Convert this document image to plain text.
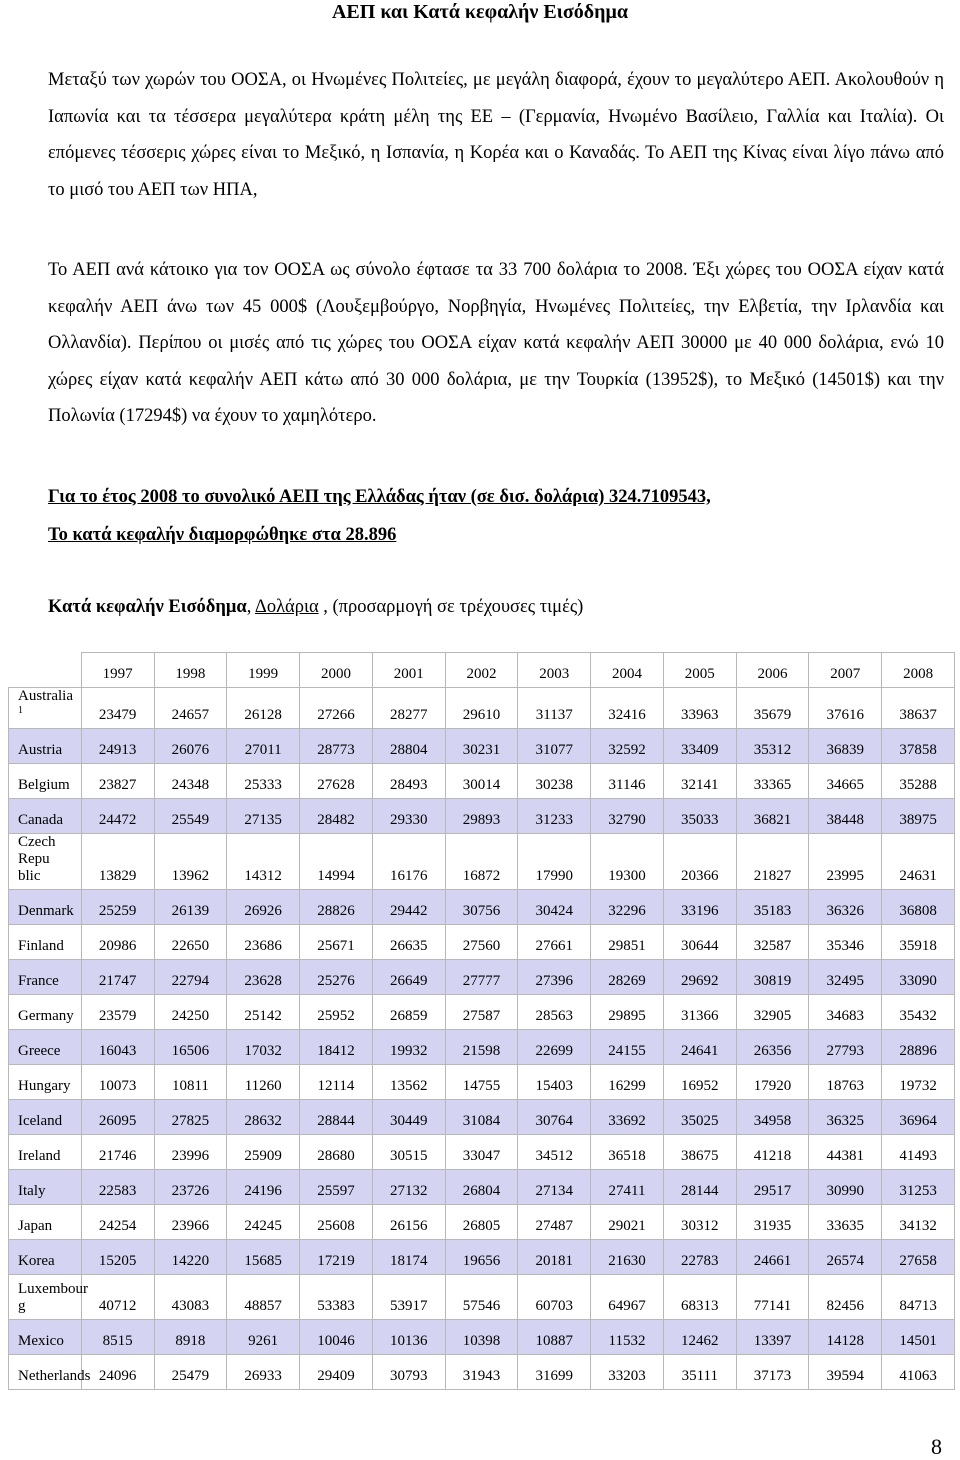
ΑΕΠ και Κατά κεφαλήν Εισόδημα
Μεταξύ των χωρών του ΟΟΣΑ, οι Ηνωμένες Πολιτείες, με μεγάλη διαφορά, έχουν το μεγαλύτερο ΑΕΠ. Ακολουθούν η Ιαπωνία και τα τέσσερα μεγαλύτερα κράτη μέλη της ΕΕ – (Γερμανία, Ηνωμένο Βασίλειο, Γαλλία και Ιταλία). Οι επόμενες τέσσερις χώρες είναι το Μεξικό, η Ισπανία, η Κορέα και ο Καναδάς. Το ΑΕΠ της Κίνας είναι λίγο πάνω από το μισό του ΑΕΠ των ΗΠΑ,
Το ΑΕΠ ανά κάτοικο για τον ΟΟΣΑ ως σύνολο έφτασε τα 33 700 δολάρια το 2008. Έξι χώρες του ΟΟΣΑ είχαν κατά κεφαλήν ΑΕΠ άνω των 45 000$ (Λουξεμβούργο, Νορβηγία, Ηνωμένες Πολιτείες, την Ελβετία, την Ιρλανδία και Ολλανδία). Περίπου οι μισές από τις χώρες του ΟΟΣΑ είχαν κατά κεφαλήν ΑΕΠ 30000 με 40 000 δολάρια, ενώ 10 χώρες είχαν κατά κεφαλήν ΑΕΠ κάτω από 30 000 δολάρια, με την Τουρκία (13952$), το Μεξικό (14501$) και την Πολωνία (17294$) να έχουν το χαμηλότερο.
Για το έτος 2008 το συνολικό ΑΕΠ της Ελλάδας ήταν (σε δισ. δολάρια) 324.7109543,
Το κατά κεφαλήν διαμορφώθηκε στα 28.896
Κατά κεφαλήν Εισόδημα, Δολάρια , (προσαρμογή σε τρέχουσες τιμές)
	1997	1998	1999	2000	2001	2002	2003	2004	2005	2006	2007	2008
Australia $^1$	23479	24657	26128	27266	28277	29610	31137	32416	33963	35679	37616	38637
Austria	24913	26076	27011	28773	28804	30231	31077	32592	33409	35312	36839	37858
Belgium	23827	24348	25333	27628	28493	30014	30238	31146	32141	33365	34665	35288
Canada	24472	25549	27135	28482	29330	29893	31233	32790	35033	36821	38448	38975
Czech Repu
blic	13829	13962	14312	14994	16176	16872	17990	19300	20366	21827	23995	24631
Denmark	25259	26139	26926	28826	29442	30756	30424	32296	33196	35183	36326	36808
Finland	20986	22650	23686	25671	26635	27560	27661	29851	30644	32587	35346	35918
France	21747	22794	23628	25276	26649	27777	27396	28269	29692	30819	32495	33090
Germany	23579	24250	25142	25952	26859	27587	28563	29895	31366	32905	34683	35432
Greece	16043	16506	17032	18412	19932	21598	22699	24155	24641	26356	27793	28896
Hungary	10073	10811	11260	12114	13562	14755	15403	16299	16952	17920	18763	19732
Iceland	26095	27825	28632	28844	30449	31084	30764	33692	35025	34958	36325	36964
Ireland	21746	23996	25909	28680	30515	33047	34512	36518	38675	41218	44381	41493
Italy	22583	23726	24196	25597	27132	26804	27134	27411	28144	29517	30990	31253
Japan	24254	23966	24245	25608	26156	26805	27487	29021	30312	31935	33635	34132
Korea	15205	14220	15685	17219	18174	19656	20181	21630	22783	24661	26574	27658
Luxembour
g	40712	43083	48857	53383	53917	57546	60703	64967	68313	77141	82456	84713
Mexico	8515	8918	9261	10046	10136	10398	10887	11532	12462	13397	14128	14501
Netherlands	24096	25479	26933	29409	30793	31943	31699	33203	35111	37173	39594	41063
8
